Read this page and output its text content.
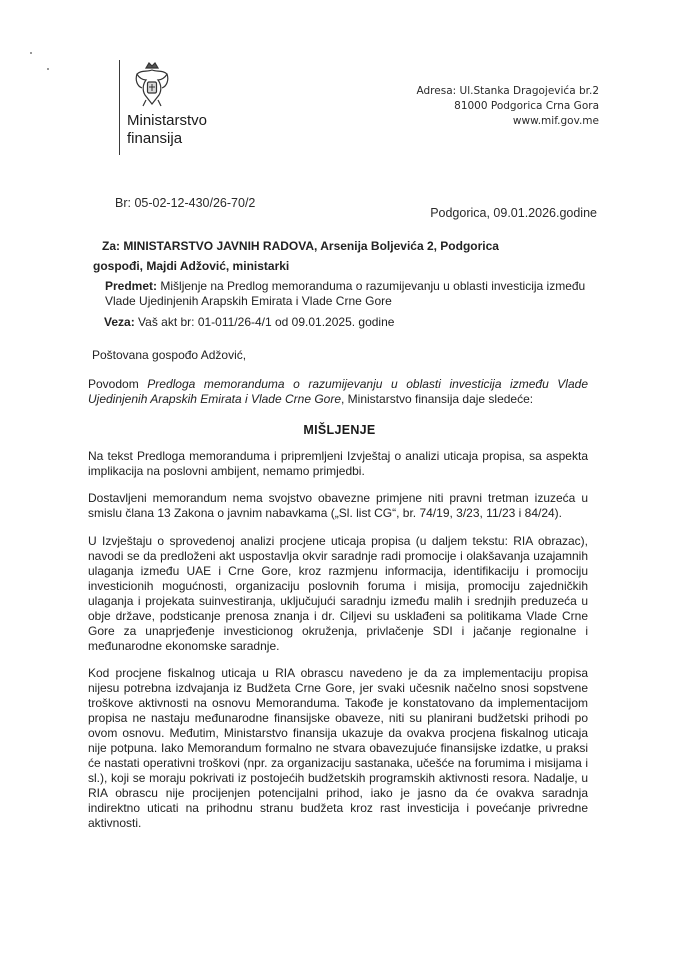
Ministarstvo
finansija
Adresa: Ul.Stanka Dragojevića br.2
81000 Podgorica Crna Gora
www.mif.gov.me
Br: 05-02-12-430/26-70/2
Podgorica, 09.01.2026.godine
Za: MINISTARSTVO JAVNIH RADOVA, Arsenija Boljevića 2, Podgorica
gospođi, Majdi Adžović, ministarki
Predmet: Mišljenje na Predlog memoranduma o razumijevanju u oblasti investicija između
Vlade Ujedinjenih Arapskih Emirata i Vlade Crne Gore
Veza: Vaš akt br: 01-011/26-4/1 od 09.01.2025. godine
Poštovana gospođo Adžović,
Povodom Predloga memoranduma o razumijevanju u oblasti investicija između Vlade Ujedinjenih Arapskih Emirata i Vlade Crne Gore, Ministarstvo finansija daje sledeće:
MIŠLJENJE
Na tekst Predloga memoranduma i pripremljeni Izvještaj o analizi uticaja propisa, sa aspekta implikacija na poslovni ambijent, nemamo primjedbi.
Dostavljeni memorandum nema svojstvo obavezne primjene niti pravni tretman izuzeća u smislu člana 13 Zakona o javnim nabavkama („Sl. list CG“, br. 74/19, 3/23, 11/23 i 84/24).
U Izvještaju o sprovedenoj analizi procjene uticaja propisa (u daljem tekstu: RIA obrazac), navodi se da predloženi akt uspostavlja okvir saradnje radi promocije i olakšavanja uzajamnih ulaganja između UAE i Crne Gore, kroz razmjenu informacija, identifikaciju i promociju investicionih mogućnosti, organizaciju poslovnih foruma i misija, promociju zajedničkih ulaganja i projekata suinvestiranja, uključujući saradnju između malih i srednjih preduzeća u obje države, podsticanje prenosa znanja i dr. Ciljevi su usklađeni sa politikama Vlade Crne Gore za unaprjeđenje investicionog okruženja, privlačenje SDI i jačanje regionalne i međunarodne ekonomske saradnje.
Kod procjene fiskalnog uticaja u RIA obrascu navedeno je da za implementaciju propisa nijesu potrebna izdvajanja iz Budžeta Crne Gore, jer svaki učesnik načelno snosi sopstvene troškove aktivnosti na osnovu Memoranduma. Takođe je konstatovano da implementacijom propisa ne nastaju međunarodne finansijske obaveze, niti su planirani budžetski prihodi po ovom osnovu. Međutim, Ministarstvo finansija ukazuje da ovakva procjena fiskalnog uticaja nije potpuna. Iako Memorandum formalno ne stvara obavezujuće finansijske izdatke, u praksi će nastati operativni troškovi (npr. za organizaciju sastanaka, učešće na forumima i misijama i sl.), koji se moraju pokrivati iz postojećih budžetskih programskih aktivnosti resora. Nadalje, u RIA obrascu nije procijenjen potencijalni prihod, iako je jasno da će ovakva saradnja indirektno uticati na prihodnu stranu budžeta kroz rast investicija i povećanje privredne aktivnosti.
